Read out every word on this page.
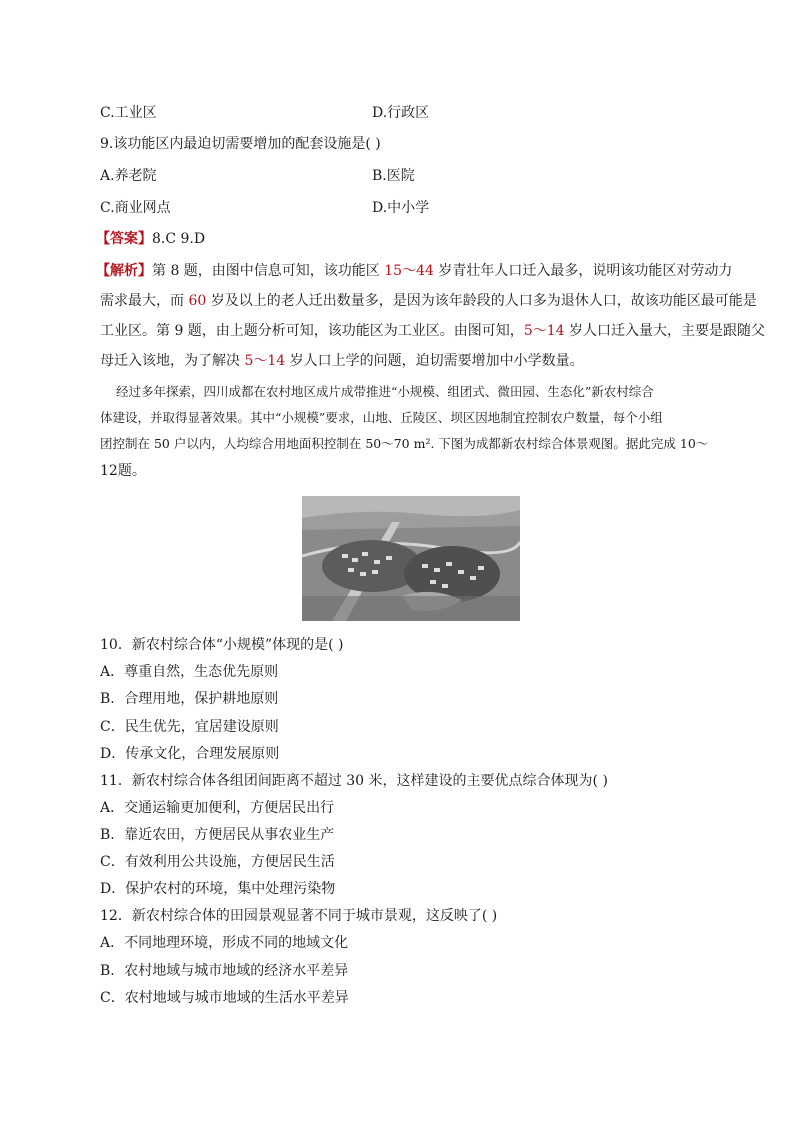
C.工业区	D.行政区
9.该功能区内最迫切需要增加的配套设施是( )
A.养老院	B.医院
C.商业网点	D.中小学
【答案】8.C 9.D
【解析】第 8 题，由图中信息可知，该功能区 15～44 岁青壮年人口迁入最多，说明该功能区对劳动力
需求最大，而 60 岁及以上的老人迁出数量多，是因为该年龄段的人口多为退休人口，故该功能区最可能是
工业区。第 9 题，由上题分析可知，该功能区为工业区。由图可知，5～14 岁人口迁入量大，主要是跟随父
母迁入该地，为了解决 5～14 岁人口上学的问题，迫切需要增加中小学数量。
经过多年探索，四川成都在农村地区成片成带推进“小规模、组团式、微田园、生态化”新农村综合
体建设，并取得显著效果。其中“小规模”要求，山地、丘陵区、坝区因地制宜控制农户数量，每个小组
团控制在 50 户以内，人均综合用地面积控制在 50～70 m². 下图为成都新农村综合体景观图。据此完成 10～
12题。
10．新农村综合体“小规模”体现的是( )
A．尊重自然，生态优先原则
B．合理用地，保护耕地原则
C．民生优先，宜居建设原则
D．传承文化，合理发展原则
11．新农村综合体各组团间距离不超过 30 米，这样建设的主要优点综合体现为( )
A．交通运输更加便利，方便居民出行
B．靠近农田，方便居民从事农业生产
C．有效利用公共设施，方便居民生活
D．保护农村的环境，集中处理污染物
12．新农村综合体的田园景观显著不同于城市景观，这反映了( )
A．不同地理环境，形成不同的地域文化
B．农村地域与城市地域的经济水平差异
C．农村地域与城市地域的生活水平差异
